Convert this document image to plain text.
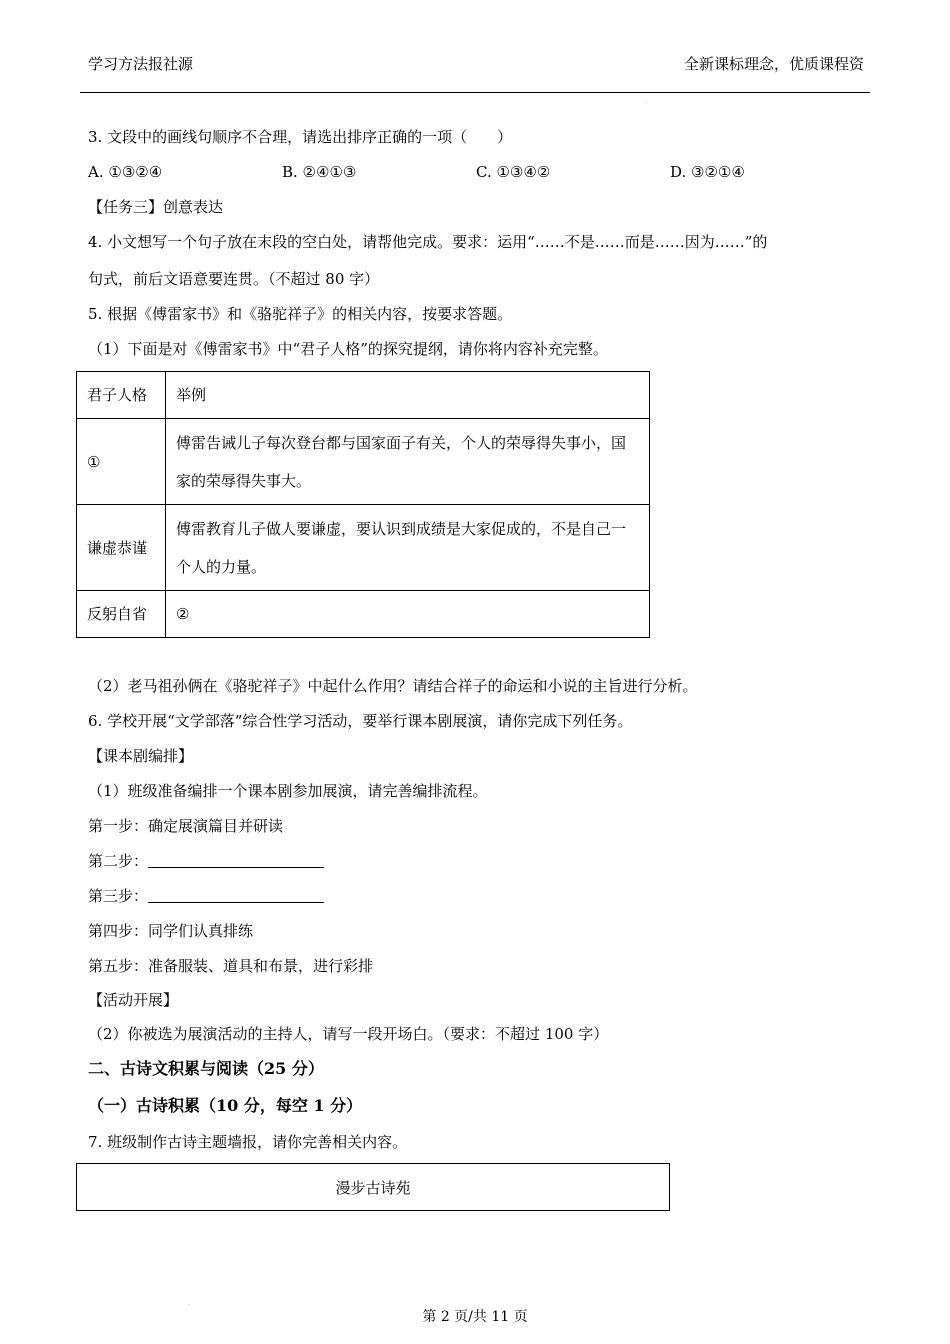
学习方法报社源	全新课标理念，优质课程资
·
3. 文段中的画线句顺序不合理，请选出排序正确的一项（　　）
A. ①③②④	B. ②④①③	C. ①③④②	D. ③②①④
【任务三】创意表达
4. 小文想写一个句子放在末段的空白处，请帮他完成。要求：运用“……不是……而是……因为……”的
句式，前后文语意要连贯。（不超过 80 字）
5. 根据《傅雷家书》和《骆驼祥子》的相关内容，按要求答题。
（1）下面是对《傅雷家书》中“君子人格”的探究提纲，请你将内容补充完整。
君子人格	举例
①	傅雷告诫儿子每次登台都与国家面子有关，个人的荣辱得失事小，国家的荣辱得失事大。
谦虚恭谨	傅雷教育儿子做人要谦虚，要认识到成绩是大家促成的，不是自己一个人的力量。
反躬自省	②
（2）老马祖孙俩在《骆驼祥子》中起什么作用？请结合祥子的命运和小说的主旨进行分析。
6. 学校开展“文学部落”综合性学习活动，要举行课本剧展演，请你完成下列任务。
【课本剧编排】
（1）班级准备编排一个课本剧参加展演，请完善编排流程。
第一步：确定展演篇目并研读
第二步：
第三步：
第四步：同学们认真排练
第五步：准备服装、道具和布景，进行彩排
【活动开展】
（2）你被选为展演活动的主持人，请写一段开场白。（要求：不超过 100 字）
二、古诗文积累与阅读（25 分）
（一）古诗积累（10 分，每空 1 分）
7. 班级制作古诗主题墙报，请你完善相关内容。
漫步古诗苑
·
第 2 页/共 11 页
